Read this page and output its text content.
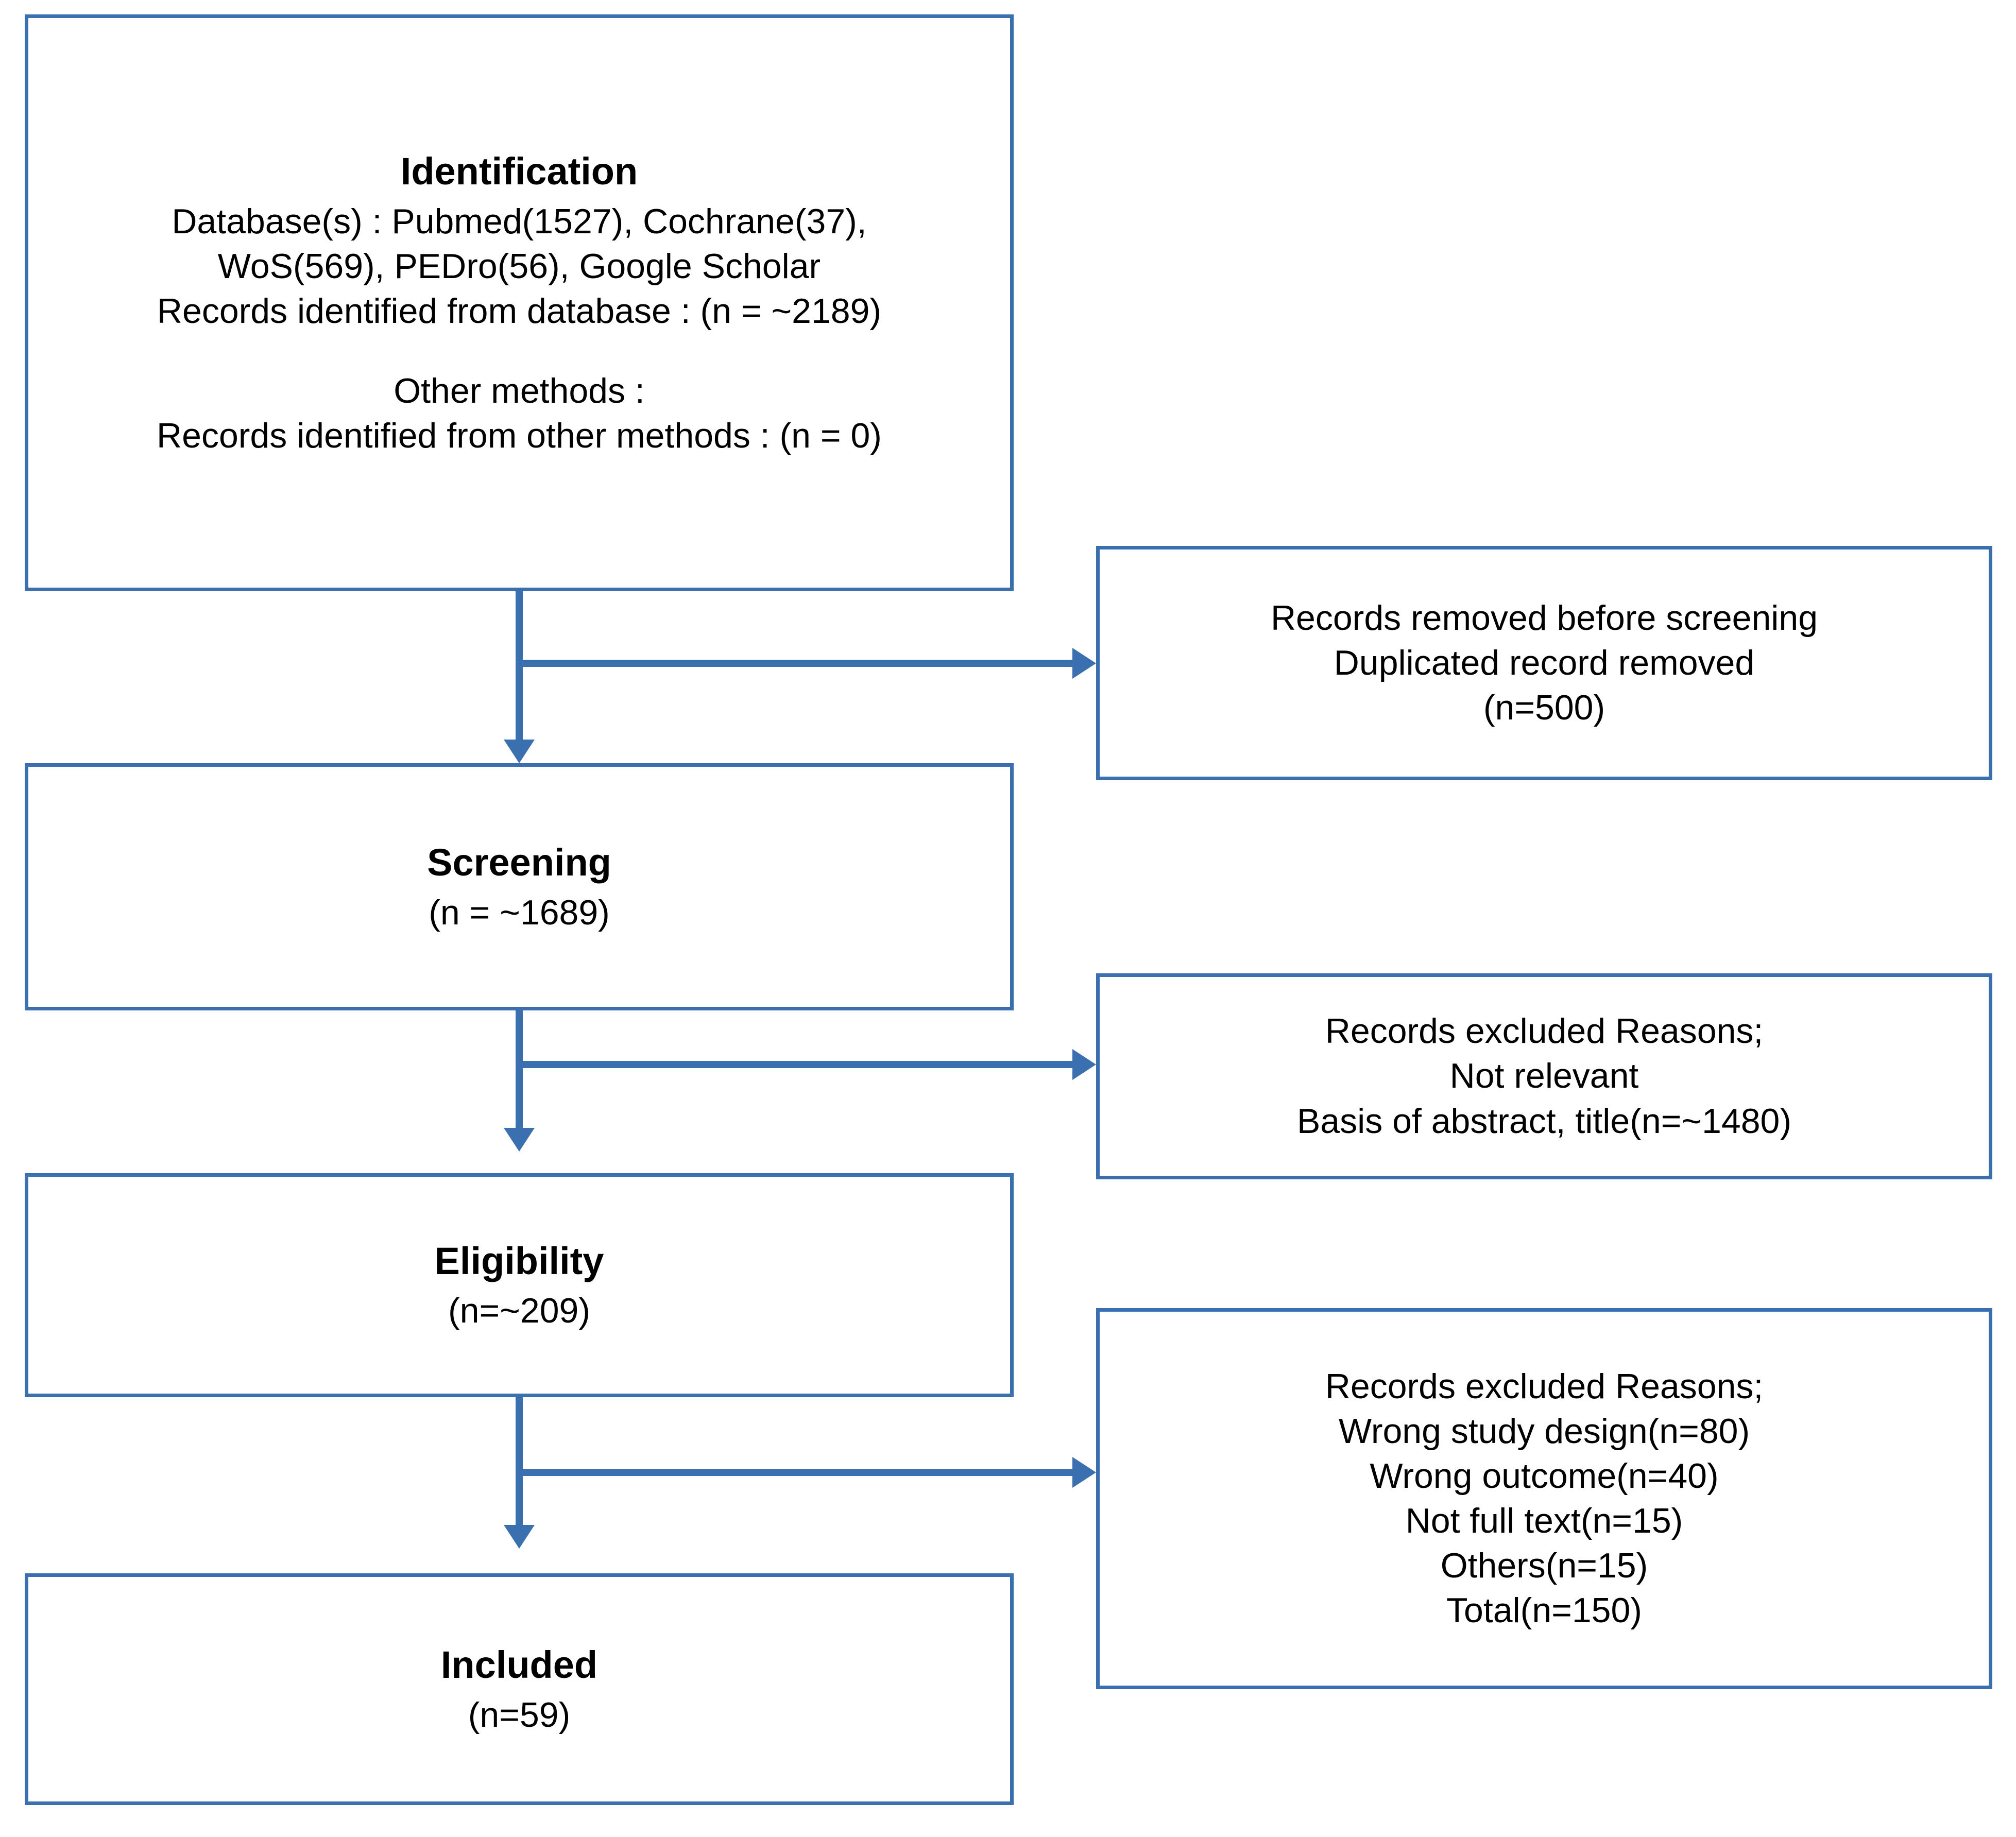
Identification
Database(s) : Pubmed(1527), Cochrane(37),
WoS(569), PEDro(56), Google Scholar
Records identified from database : (n = ~2189)
Other methods :
Records identified from other methods : (n = 0)
Records removed before screening
Duplicated record removed
(n=500)
Screening
(n = ~1689)
Records excluded Reasons;
Not relevant
Basis of abstract, title(n=~1480)
Eligibility
(n=~209)
Records excluded Reasons;
Wrong study design(n=80)
Wrong outcome(n=40)
Not full text(n=15)
Others(n=15)
Total(n=150)
Included
(n=59)
